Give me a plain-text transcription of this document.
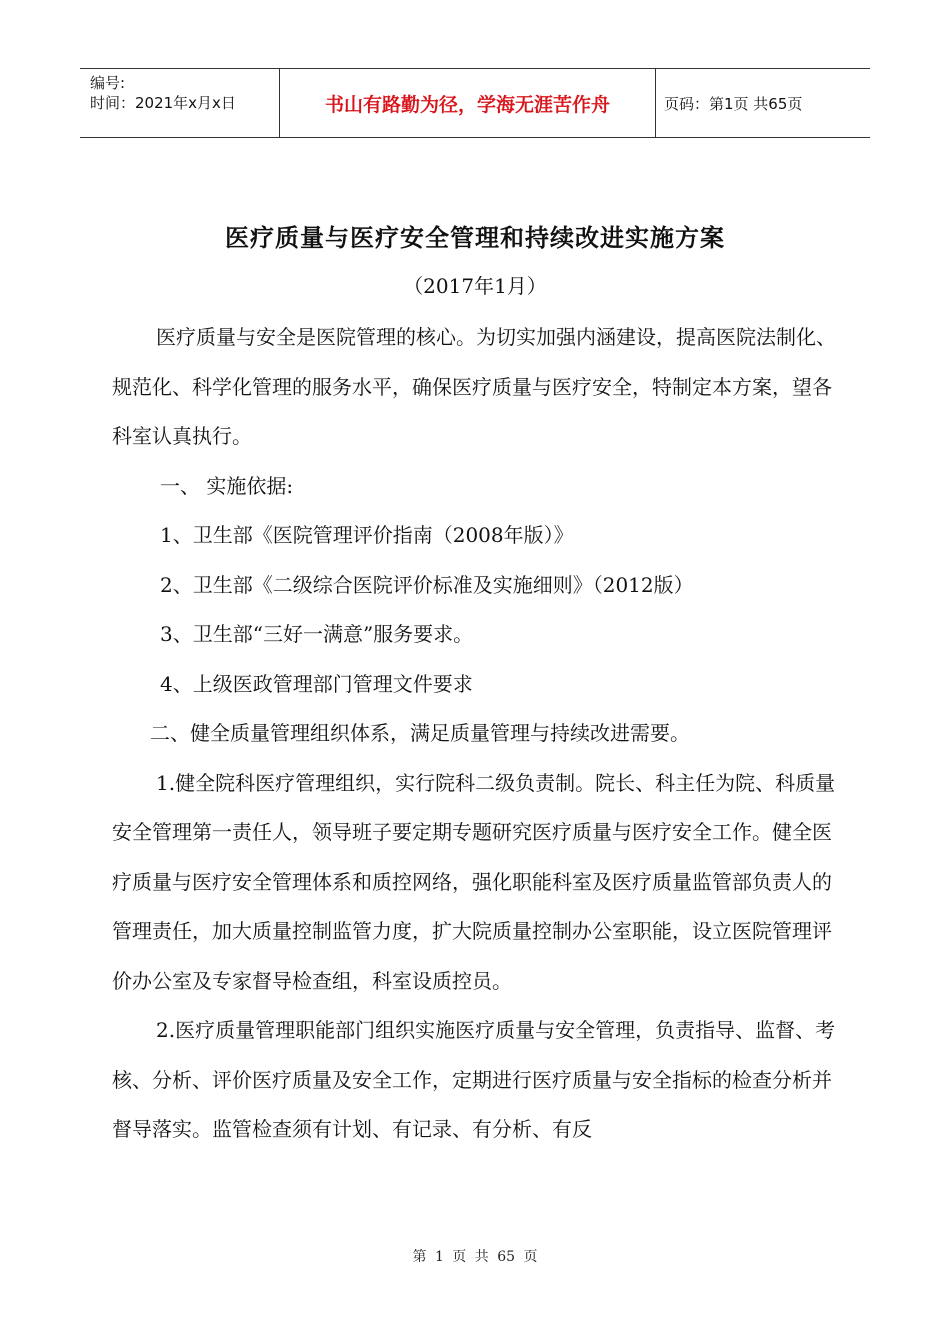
编号:
时间：2021年x月x日	书山有路勤为径，学海无涯苦作舟	页码：第1页 共65页
医疗质量与医疗安全管理和持续改进实施方案
（2017年1月）

医疗质量与安全是医院管理的核心。为切实加强内涵建设，提高医院法制化、规范化、科学化管理的服务水平，确保医疗质量与医疗安全，特制定本方案，望各科室认真执行。

一、 实施依据:

1、卫生部《医院管理评价指南（2008年版）》

2、卫生部《二级综合医院评价标准及实施细则》（2012版）

3、卫生部“三好一满意”服务要求。

4、上级医政管理部门管理文件要求

二、健全质量管理组织体系，满足质量管理与持续改进需要。

1.健全院科医疗管理组织，实行院科二级负责制。院长、科主任为院、科质量安全管理第一责任人，领导班子要定期专题研究医疗质量与医疗安全工作。健全医疗质量与医疗安全管理体系和质控网络，强化职能科室及医疗质量监管部负责人的管理责任，加大质量控制监管力度，扩大院质量控制办公室职能，设立医院管理评价办公室及专家督导检查组，科室设质控员。

2.医疗质量管理职能部门组织实施医疗质量与安全管理，负责指导、监督、考核、分析、评价医疗质量及安全工作，定期进行医疗质量与安全指标的检查分析并督导落实。监管检查须有计划、有记录、有分析、有反

第 1 页 共 65 页
